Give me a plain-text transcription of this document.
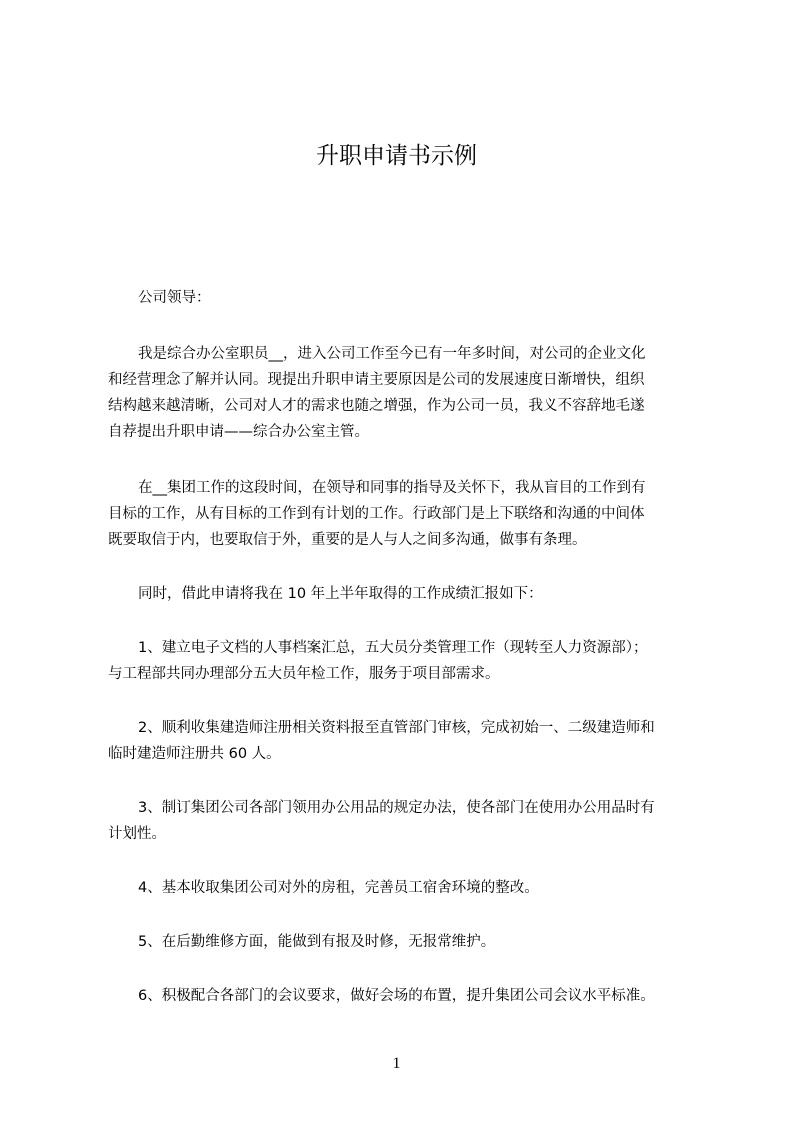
升职申请书示例
公司领导：
我是综合办公室职员__，进入公司工作至今已有一年多时间，对公司的企业文化
和经营理念了解并认同。现提出升职申请主要原因是公司的发展速度日渐增快，组织
结构越来越清晰，公司对人才的需求也随之增强，作为公司一员，我义不容辞地毛遂
自荐提出升职申请——综合办公室主管。
在__集团工作的这段时间，在领导和同事的指导及关怀下，我从盲目的工作到有
目标的工作，从有目标的工作到有计划的工作。行政部门是上下联络和沟通的中间体
既要取信于内，也要取信于外，重要的是人与人之间多沟通，做事有条理。
同时，借此申请将我在 10 年上半年取得的工作成绩汇报如下：
1、建立电子文档的人事档案汇总，五大员分类管理工作（现转至人力资源部）；
与工程部共同办理部分五大员年检工作，服务于项目部需求。
2、顺利收集建造师注册相关资料报至直管部门审核，完成初始一、二级建造师和
临时建造师注册共 60 人。
3、制订集团公司各部门领用办公用品的规定办法，使各部门在使用办公用品时有
计划性。
4、基本收取集团公司对外的房租，完善员工宿舍环境的整改。
5、在后勤维修方面，能做到有报及时修，无报常维护。
6、积极配合各部门的会议要求，做好会场的布置，提升集团公司会议水平标准。
1
